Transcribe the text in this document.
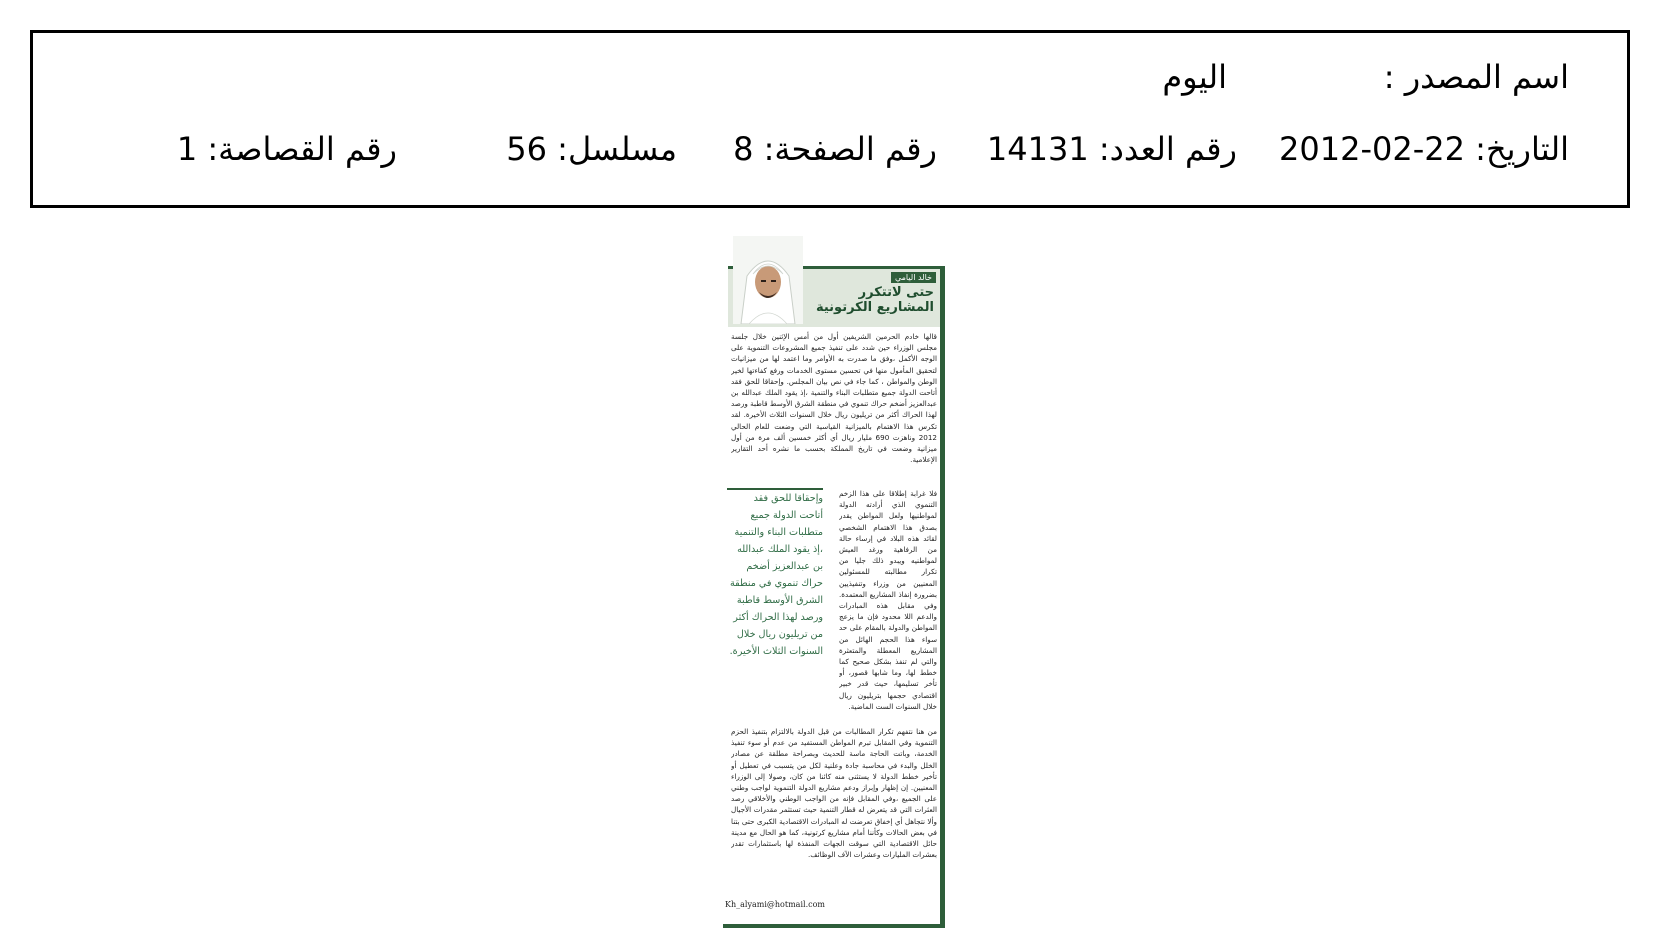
اسم المصدر :
اليوم
التاريخ: 22-02-2012
رقم العدد: 14131
رقم الصفحة: 8
مسلسل: 56
رقم القصاصة: 1
خالد اليامي
حتى لاتتكرر المشاريع الكرتونية
قالها خادم الحرمين الشريفين أول من أمس الإثنين خلال جلسة مجلس الوزراء حين شدد على تنفيذ جميع المشروعات التنموية على الوجه الأكمل ،وفق ما صدرت به الأوامر وما اعتمد لها من ميزانيات لتحقيق المأمول منها في تحسين مستوى الخدمات ورفع كفاءتها لخير الوطن والمواطن ، كما جاء في نص بيان المجلس. وإحقاقا للحق فقد أتاحت الدولة جميع متطلبات البناء والتنمية ،إذ يقود الملك عبدالله بن عبدالعزيز أضخم حراك تنموي في منطقة الشرق الأوسط قاطبة ورصد لهذا الحراك أكثر من تريليون ريال خلال السنوات الثلاث الأخيرة. لقد تكرس هذا الاهتمام بالميزانية القياسية التي وضعت للعام الحالي 2012 وناهزت 690 مليار ريال أي أكثر خمسين ألف مرة من أول ميزانية وضعت في تاريخ المملكة بحسب ما نشره أحد التقارير الإعلامية.
فلا غرابة إطلاقا على هذا الزخم التنموي الذي أرادته الدولة لمواطنيها ولعل المواطن يقدر بصدق هذا الاهتمام الشخصي لقائد هذه البلاد في إرساء حالة من الرفاهية ورغد العيش لمواطنيه ويبدو ذلك جليا من تكرار مطالبته للمسئولين المعنيين من وزراء وتنفيذيين بضرورة إنفاذ المشاريع المعتمدة. وفي مقابل هذه المبادرات والدعم اللا محدود فإن ما يزعج المواطن والدولة بالمقام على حد سواء هذا الحجم الهائل من المشاريع المعطلة والمتعثرة والتي لم تنفذ بشكل صحيح كما خطط لها، وما شابها قصور، أو تأخر تسليمها، حيث قدر خبير اقتصادي حجمها بتريليون ريال خلال السنوات الست الماضية.
وإحقاقا للحق فقد أتاحت الدولة جميع متطلبات البناء والتنمية ،إذ يقود الملك عبدالله بن عبدالعزيز أضخم حراك تنموي في منطقة الشرق الأوسط قاطبة ورصد لهذا الحراك أكثر من تريليون ريال خلال السنوات الثلاث الأخيرة.
من هنا نتفهم تكرار المطالبات من قبل الدولة بالالتزام بتنفيذ الحزم التنموية وفي المقابل تبرم المواطن المستفيد من عدم أو سوء تنفيذ الخدمة، وباتت الحاجة ماسة للحديث وبصراحة مطلقة عن مصادر الخلل والبدء في محاسبة جادة وعلنية لكل من يتسبب في تعطيل أو تأخير خطط الدولة لا يستثنى منه كائنا من كان، وصولا إلى الوزراء المعنيين. إن إظهار وإبراز ودعم مشاريع الدولة التنموية لواجب وطني على الجميع ،وفي المقابل فإنه من الواجب الوطني والأخلاقي رصد العثرات التي قد يتعرض له قطار التنمية حيث تستثمر مقدرات الأجيال وألا نتجاهل أي إخفاق تعرضت له المبادرات الاقتصادية الكبرى حتى بتنا في بعض الحالات وكأننا أمام مشاريع كرتونية، كما هو الحال مع مدينة حائل الاقتصادية التي سوقت الجهات المنفذة لها باستثمارات تقدر بعشرات المليارات وعشرات الآف الوظائف.
Kh_alyami@hotmail.com
